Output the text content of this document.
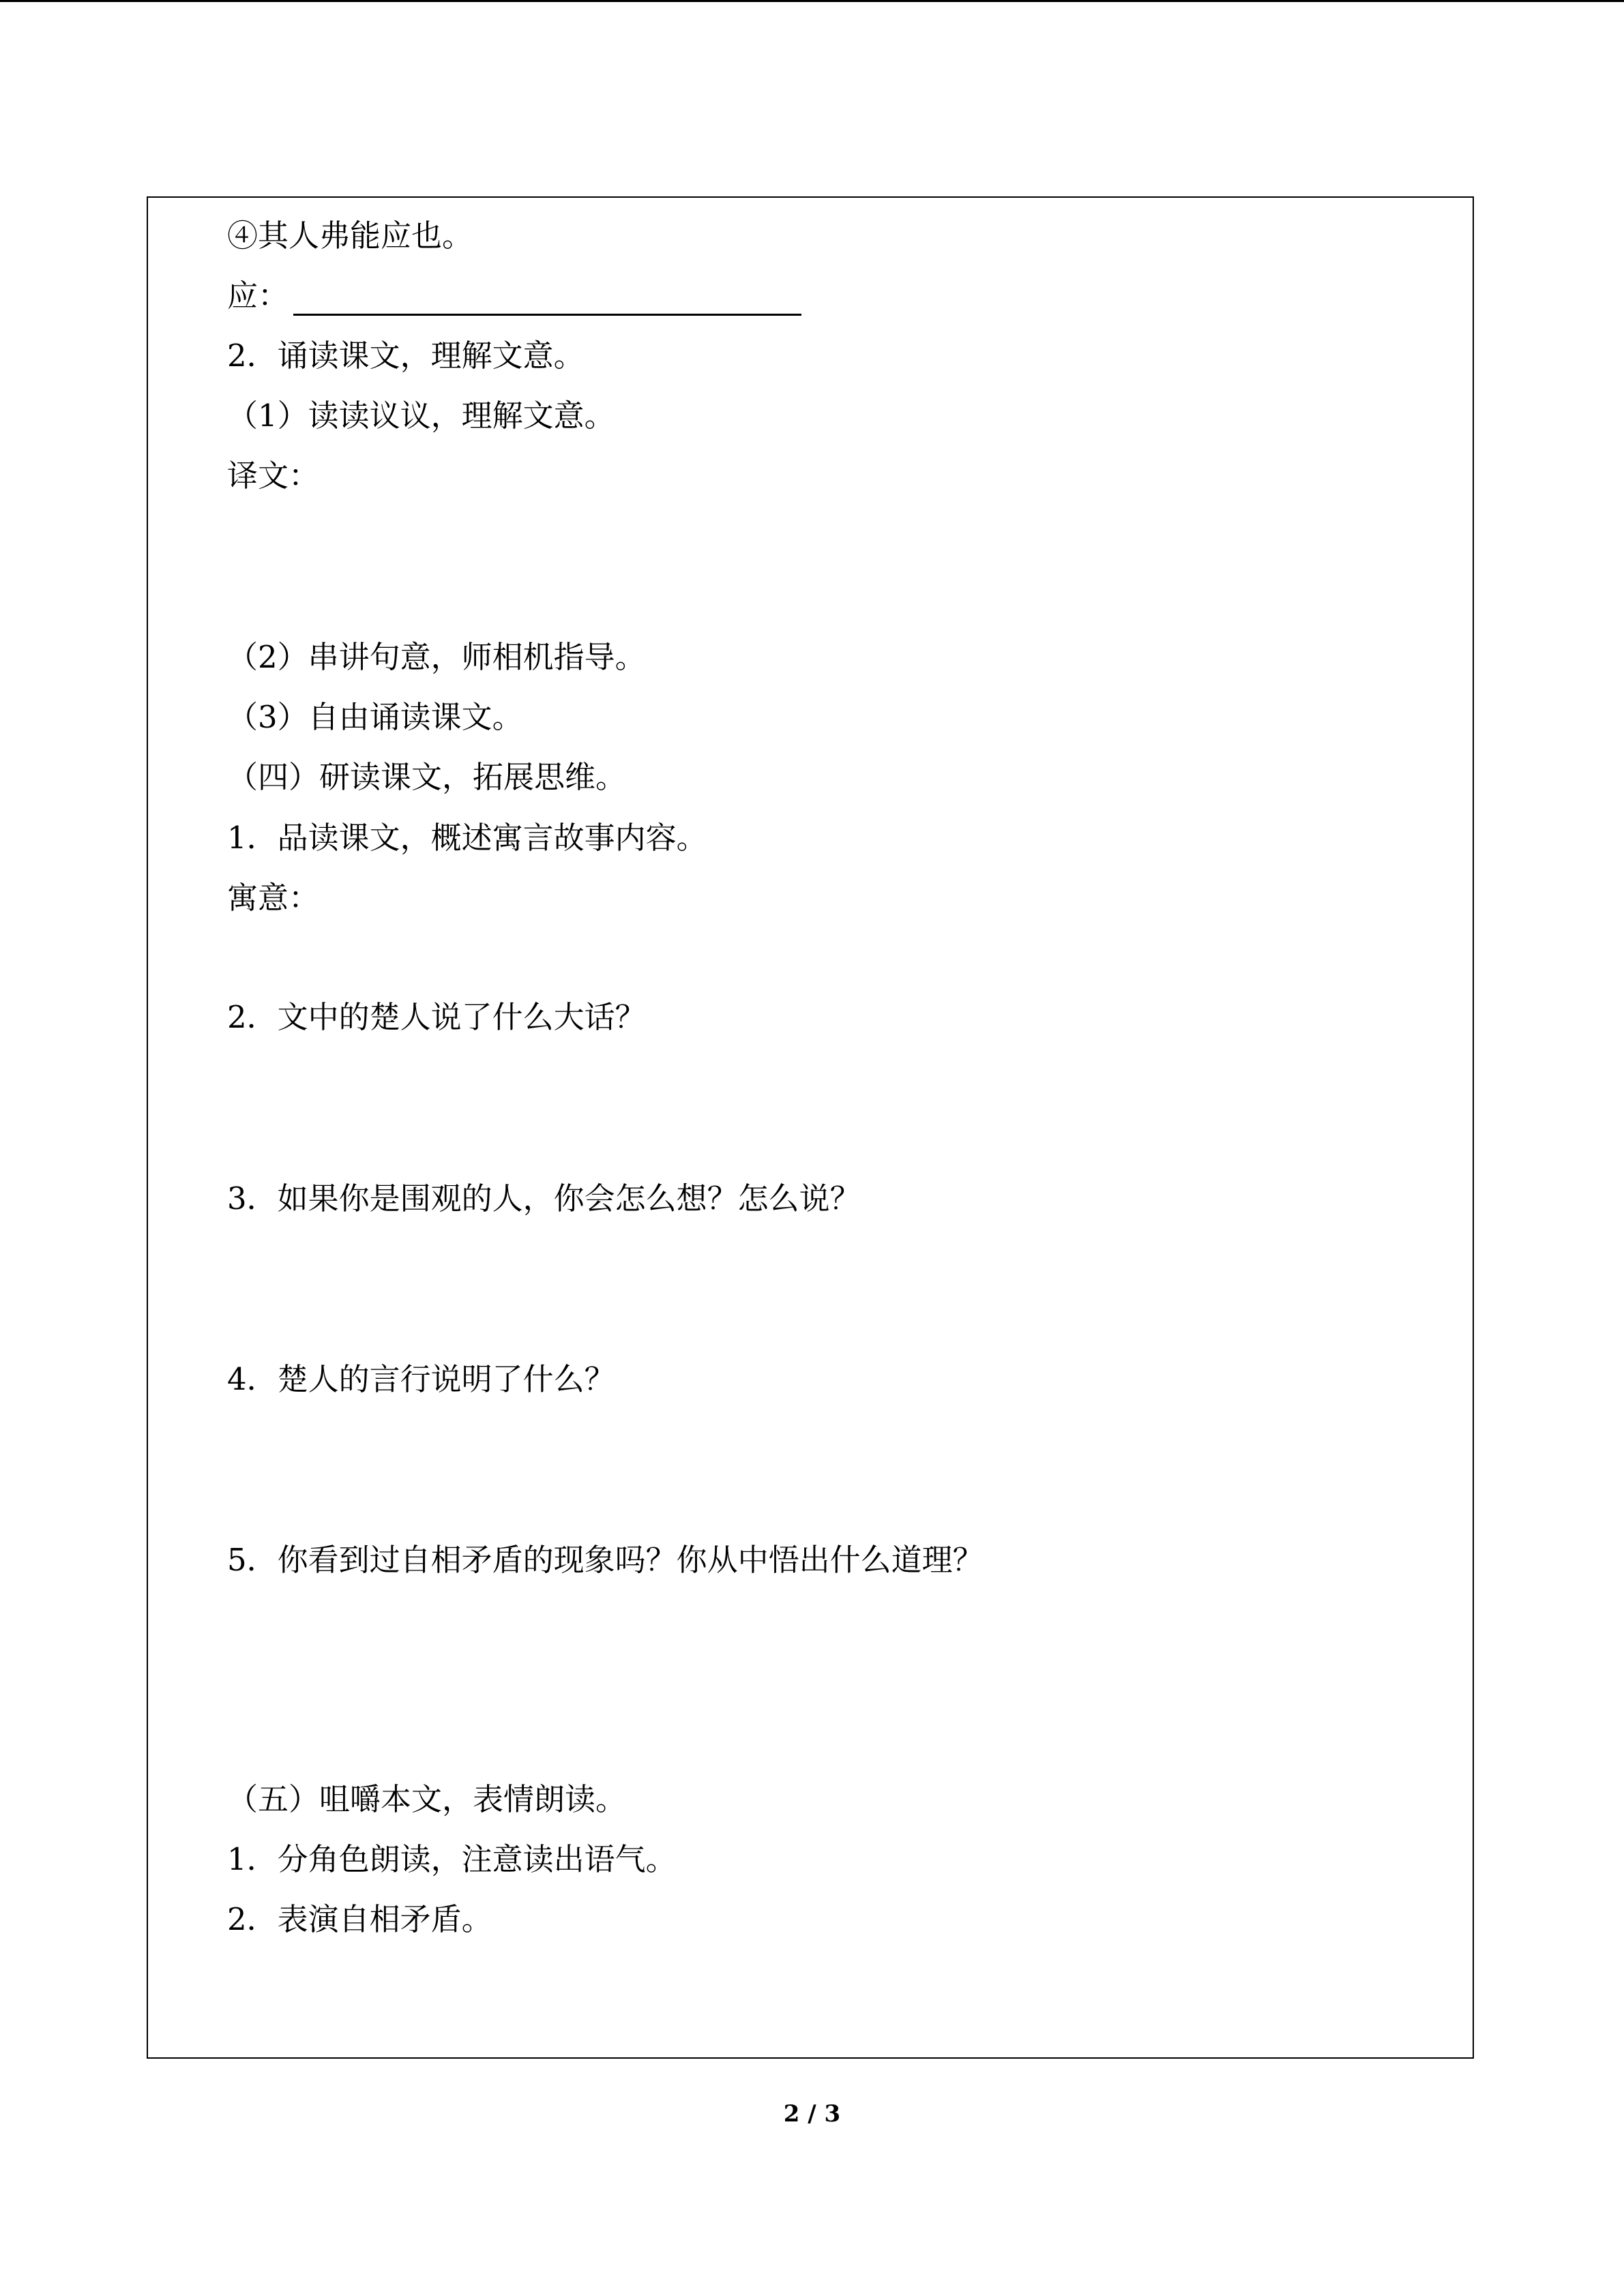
④其人弗能应也。

应：

2．诵读课文，理解文意。

（1）读读议议，理解文意。

译文：

（2）串讲句意，师相机指导。

（3）自由诵读课文。

（四）研读课文，拓展思维。

1．品读课文，概述寓言故事内容。

寓意：

2．文中的楚人说了什么大话？

3．如果你是围观的人，你会怎么想？怎么说？

4．楚人的言行说明了什么？

5．你看到过自相矛盾的现象吗？你从中悟出什么道理？

（五）咀嚼本文，表情朗读。

1．分角色朗读，注意读出语气。

2．表演自相矛盾。

2 / 3
